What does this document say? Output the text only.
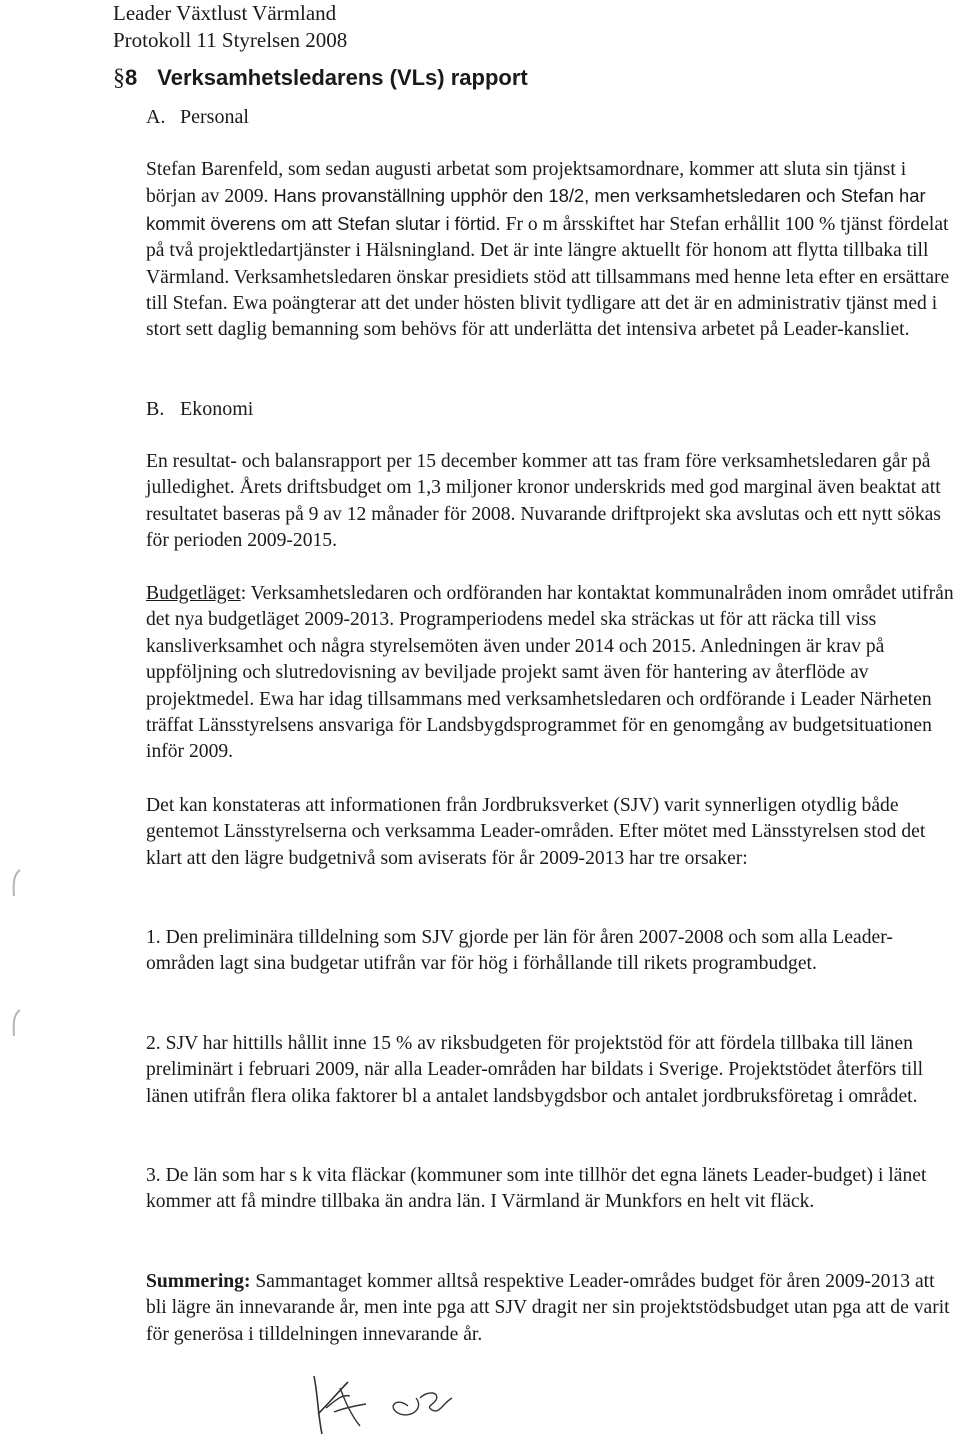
Leader Växtlust Värmland
Protokoll 11 Styrelsen 2008
§8 Verksamhetsledarens (VLs) rapport
A. Personal

Stefan Barenfeld, som sedan augusti arbetat som projektsamordnare, kommer att sluta sin tjänst i början av 2009. Hans provanställning upphör den 18/2, men verksamhetsledaren och Stefan har kommit överens om att Stefan slutar i förtid. Fr o m årsskiftet har Stefan erhållit 100 % tjänst fördelat på två projektledartjänster i Hälsningland. Det är inte längre aktuellt för honom att flytta tillbaka till Värmland. Verksamhetsledaren önskar presidiets stöd att tillsammans med henne leta efter en ersättare till Stefan. Ewa poängterar att det under hösten blivit tydligare att det är en administrativ tjänst med i stort sett daglig bemanning som behövs för att underlätta det intensiva arbetet på Leader-kansliet.

B. Ekonomi

En resultat- och balansrapport per 15 december kommer att tas fram före verksamhetsledaren går på julledighet. Årets driftsbudget om 1,3 miljoner kronor underskrids med god marginal även beaktat att resultatet baseras på 9 av 12 månader för 2008. Nuvarande driftprojekt ska avslutas och ett nytt sökas för perioden 2009-2015.

Budgetläget: Verksamhetsledaren och ordföranden har kontaktat kommunalråden inom området utifrån det nya budgetläget 2009-2013. Programperiodens medel ska sträckas ut för att räcka till viss kansliverksamhet och några styrelsemöten även under 2014 och 2015. Anledningen är krav på uppföljning och slutredovisning av beviljade projekt samt även för hantering av återflöde av projektmedel. Ewa har idag tillsammans med verksamhetsledaren och ordförande i Leader Närheten träffat Länsstyrelsens ansvariga för Landsbygdsprogrammet för en genomgång av budgetsituationen inför 2009.

Det kan konstateras att informationen från Jordbruksverket (SJV) varit synnerligen otydlig både gentemot Länsstyrelserna och verksamma Leader-områden. Efter mötet med Länsstyrelsen stod det klart att den lägre budgetnivå som aviserats för år 2009-2013 har tre orsaker:

1. Den preliminära tilldelning som SJV gjorde per län för åren 2007-2008 och som alla Leader-områden lagt sina budgetar utifrån var för hög i förhållande till rikets programbudget.

2. SJV har hittills hållit inne 15 % av riksbudgeten för projektstöd för att fördela tillbaka till länen preliminärt i februari 2009, när alla Leader-områden har bildats i Sverige. Projektstödet återförs till länen utifrån flera olika faktorer bl a antalet landsbygdsbor och antalet jordbruksföretag i området.

3. De län som har s k vita fläckar (kommuner som inte tillhör det egna länets Leader-budget) i länet kommer att få mindre tillbaka än andra län. I Värmland är Munkfors en helt vit fläck.

Summering: Sammantaget kommer alltså respektive Leader-områdes budget för åren 2009-2013 att bli lägre än innevarande år, men inte pga att SJV dragit ner sin projektstödsbudget utan pga att de varit för generösa i tilldelningen innevarande år.
